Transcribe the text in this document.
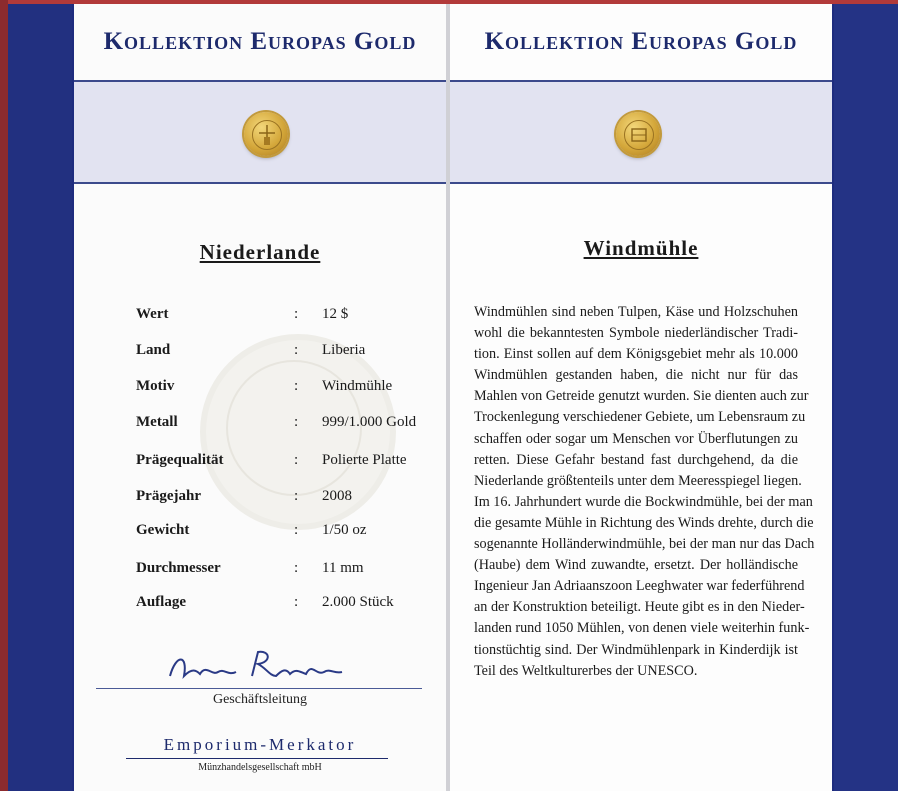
Kollektion Europas Gold
Niederlande
Wert	: 12 $
Land	: Liberia
Motiv	: Windmühle
Metall	: 999/1.000 Gold
Prägequalität	: Polierte Platte
Prägejahr	: 2008
Gewicht	: 1/50 oz
Durchmesser	: 11 mm
Auflage	: 2.000 Stück
Geschäftsleitung
Emporium-Merkator
Münzhandelsgesellschaft mbH
Kollektion Europas Gold
Windmühle
Windmühlen sind neben Tulpen, Käse und Holzschuhen
wohl die bekanntesten Symbole niederländischer Tradi-
tion. Einst sollen auf dem Königsgebiet mehr als 10.000
Windmühlen gestanden haben, die nicht nur für das
Mahlen von Getreide genutzt wurden. Sie dienten auch zur
Trockenlegung verschiedener Gebiete, um Lebensraum zu
schaffen oder sogar um Menschen vor Überflutungen zu
retten. Diese Gefahr bestand fast durchgehend, da die
Niederlande größtenteils unter dem Meeresspiegel liegen.
Im 16. Jahrhundert wurde die Bockwindmühle, bei der man
die gesamte Mühle in Richtung des Winds drehte, durch die
sogenannte Holländerwindmühle, bei der man nur das Dach
(Haube) dem Wind zuwandte, ersetzt. Der holländische
Ingenieur Jan Adriaanszoon Leeghwater war federführend
an der Konstruktion beteiligt. Heute gibt es in den Nieder-
landen rund 1050 Mühlen, von denen viele weiterhin funk-
tionstüchtig sind. Der Windmühlenpark in Kinderdijk ist
Teil des Weltkulturerbes der UNESCO.
